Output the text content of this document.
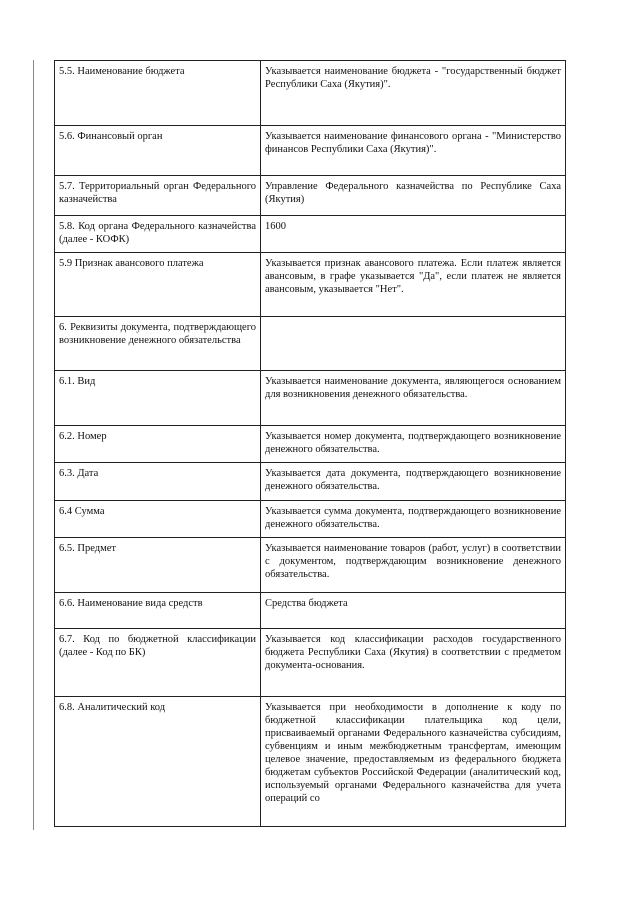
5.5. Наименование бюджета	Указывается наименование бюджета - "государственный бюджет Республики Саха (Якутия)".
5.6. Финансовый орган	Указывается наименование финансового органа - "Министерство финансов Республики Саха (Якутия)".
5.7. Территориальный орган Федерального казначейства	Управление Федерального казначейства по Республике Саха (Якутия)
5.8. Код органа Федерального казначейства (далее - КОФК)	1600
5.9 Признак авансового платежа	Указывается признак авансового платежа. Если платеж является авансовым, в графе указывается "Да", если платеж не является авансовым, указывается "Нет".
6. Реквизиты документа, подтверждающего возникновение денежного обязательства	
6.1. Вид	Указывается наименование документа, являющегося основанием для возникновения денежного обязательства.
6.2. Номер	Указывается номер документа, подтверждающего возникновение денежного обязательства.
6.3. Дата	Указывается дата документа, подтверждающего возникновение денежного обязательства.
6.4 Сумма	Указывается сумма документа, подтверждающего возникновение денежного обязательства.
6.5. Предмет	Указывается наименование товаров (работ, услуг) в соответствии с документом, подтверждающим возникновение денежного обязательства.
6.6. Наименование вида средств	Средства бюджета
6.7. Код по бюджетной классификации (далее - Код по БК)	Указывается код классификации расходов государственного бюджета Республики Саха (Якутия) в соответствии с предметом документа-основания.
6.8. Аналитический код	Указывается при необходимости в дополнение к коду по бюджетной классификации плательщика код цели, присваиваемый органами Федерального казначейства субсидиям, субвенциям и иным межбюджетным трансфертам, имеющим целевое значение, предоставляемым из федерального бюджета бюджетам субъектов Российской Федерации (аналитический код, используемый органами Федерального казначейства для учета операций со
